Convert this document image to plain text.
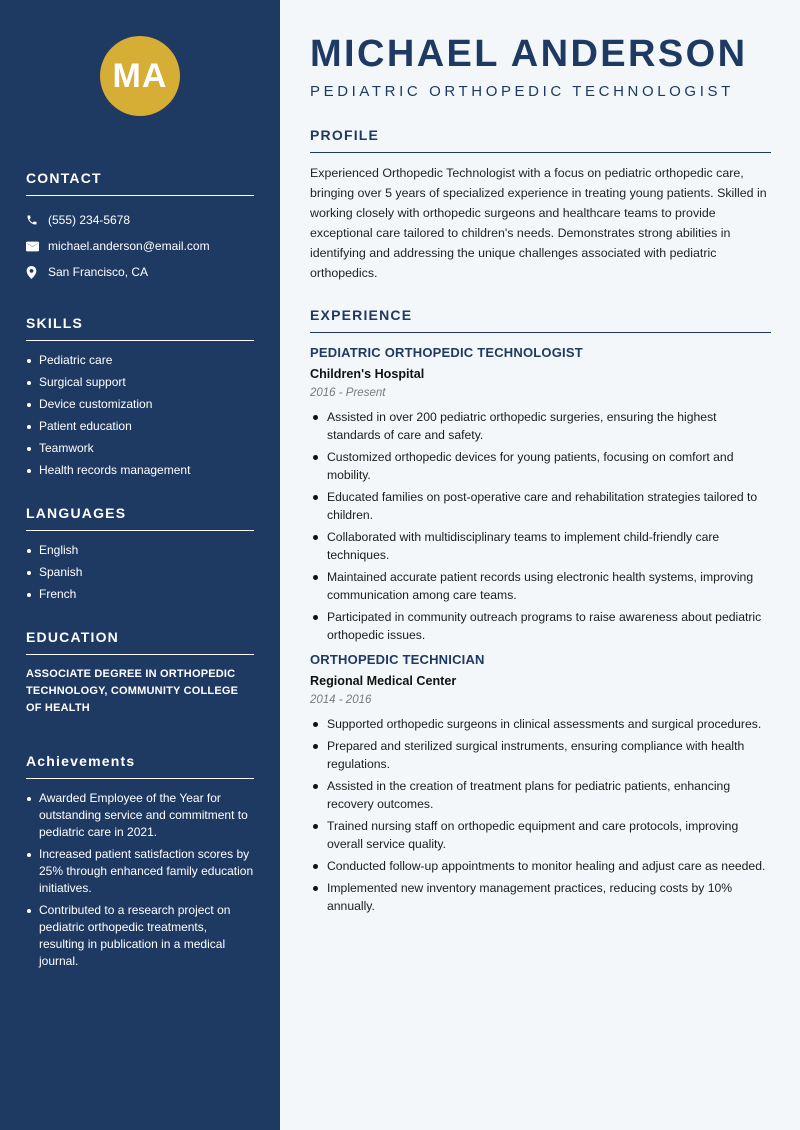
MA
CONTACT
(555) 234-5678
michael.anderson@email.com
San Francisco, CA
SKILLS
Pediatric care
Surgical support
Device customization
Patient education
Teamwork
Health records management
LANGUAGES
English
Spanish
French
EDUCATION

ASSOCIATE DEGREE IN ORTHOPEDIC TECHNOLOGY, COMMUNITY COLLEGE OF HEALTH

Achievements
Awarded Employee of the Year for outstanding service and commitment to pediatric care in 2021.
Increased patient satisfaction scores by 25% through enhanced family education initiatives.
Contributed to a research project on pediatric orthopedic treatments, resulting in publication in a medical journal.
MICHAEL ANDERSON
PEDIATRIC ORTHOPEDIC TECHNOLOGIST
PROFILE

Experienced Orthopedic Technologist with a focus on pediatric orthopedic care, bringing over 5 years of specialized experience in treating young patients. Skilled in working closely with orthopedic surgeons and healthcare teams to provide exceptional care tailored to children's needs. Demonstrates strong abilities in identifying and addressing the unique challenges associated with pediatric orthopedics.

EXPERIENCE
PEDIATRIC ORTHOPEDIC TECHNOLOGIST
Children's Hospital
2016 - Present
Assisted in over 200 pediatric orthopedic surgeries, ensuring the highest standards of care and safety.
Customized orthopedic devices for young patients, focusing on comfort and mobility.
Educated families on post-operative care and rehabilitation strategies tailored to children.
Collaborated with multidisciplinary teams to implement child-friendly care techniques.
Maintained accurate patient records using electronic health systems, improving communication among care teams.
Participated in community outreach programs to raise awareness about pediatric orthopedic issues.
ORTHOPEDIC TECHNICIAN
Regional Medical Center
2014 - 2016
Supported orthopedic surgeons in clinical assessments and surgical procedures.
Prepared and sterilized surgical instruments, ensuring compliance with health regulations.
Assisted in the creation of treatment plans for pediatric patients, enhancing recovery outcomes.
Trained nursing staff on orthopedic equipment and care protocols, improving overall service quality.
Conducted follow-up appointments to monitor healing and adjust care as needed.
Implemented new inventory management practices, reducing costs by 10% annually.
